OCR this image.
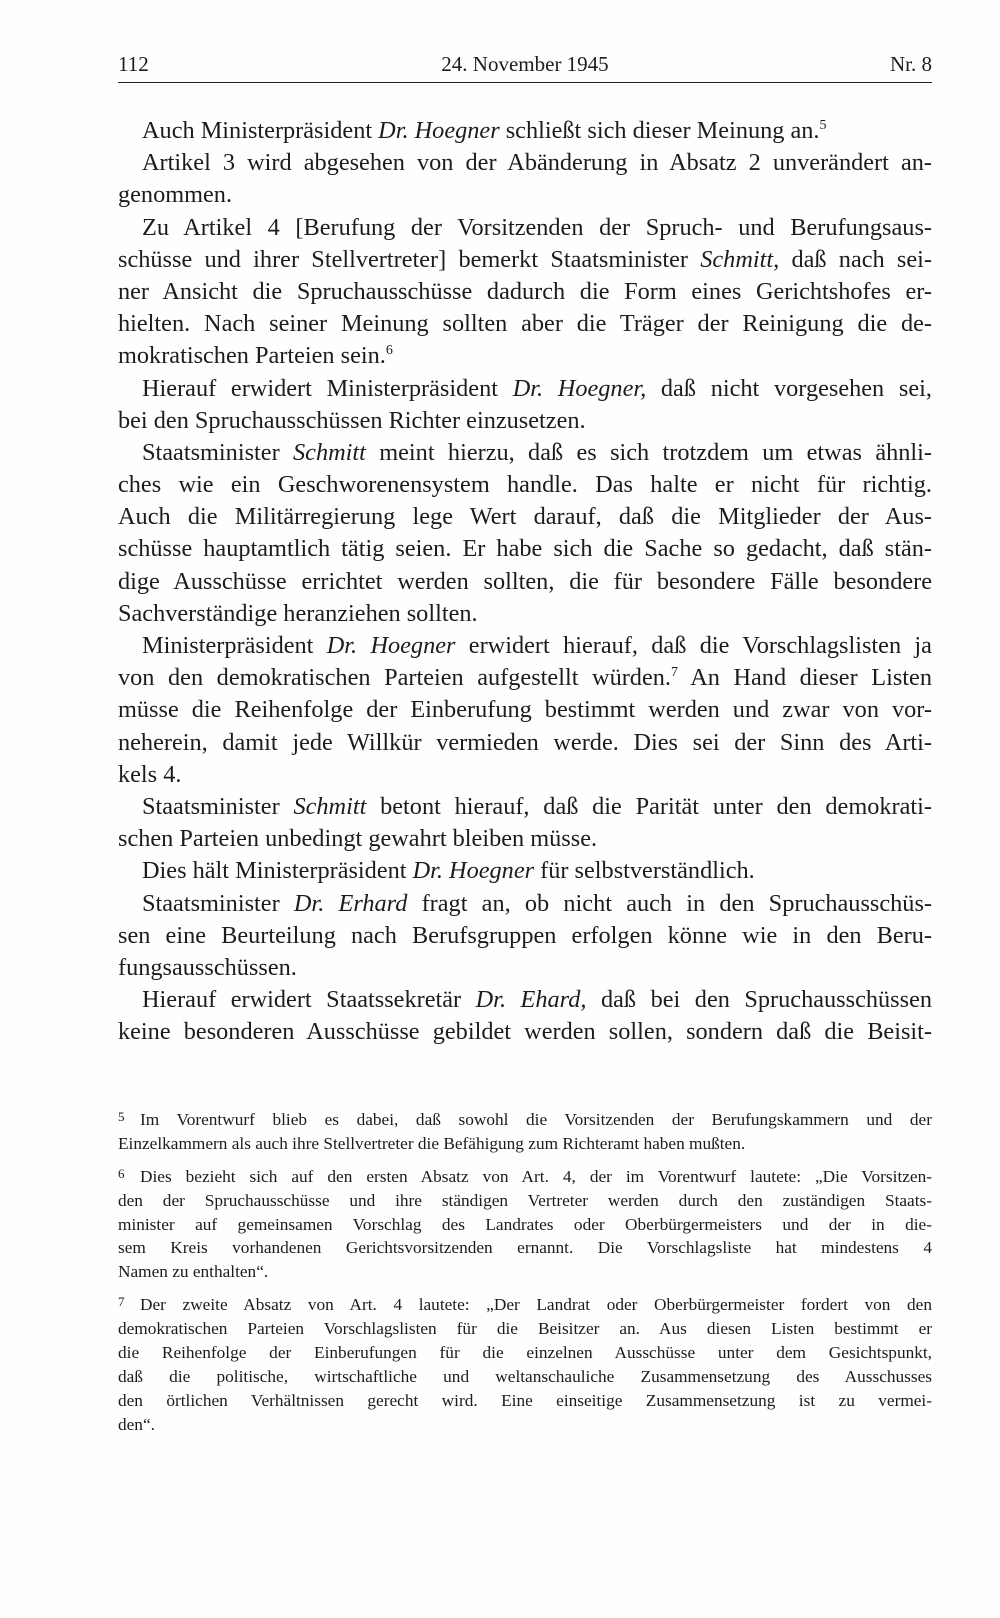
112	24. November 1945	Nr. 8
Auch Ministerpräsident Dr. Hoegner schließt sich dieser Meinung an.$^5$
Artikel 3 wird abgesehen von der Abänderung in Absatz 2 unverändert an-
genommen.
Zu Artikel 4 [Berufung der Vorsitzenden der Spruch- und Berufungsaus-
schüsse und ihrer Stellvertreter] bemerkt Staatsminister Schmitt, daß nach sei-
ner Ansicht die Spruchausschüsse dadurch die Form eines Gerichtshofes er-
hielten. Nach seiner Meinung sollten aber die Träger der Reinigung die de-
mokratischen Parteien sein.$^6$
Hierauf erwidert Ministerpräsident Dr. Hoegner, daß nicht vorgesehen sei,
bei den Spruchausschüssen Richter einzusetzen.
Staatsminister Schmitt meint hierzu, daß es sich trotzdem um etwas ähnli-
ches wie ein Geschworenensystem handle. Das halte er nicht für richtig.
Auch die Militärregierung lege Wert darauf, daß die Mitglieder der Aus-
schüsse hauptamtlich tätig seien. Er habe sich die Sache so gedacht, daß stän-
dige Ausschüsse errichtet werden sollten, die für besondere Fälle besondere
Sachverständige heranziehen sollten.
Ministerpräsident Dr. Hoegner erwidert hierauf, daß die Vorschlagslisten ja
von den demokratischen Parteien aufgestellt würden.$^7$ An Hand dieser Listen
müsse die Reihenfolge der Einberufung bestimmt werden und zwar von vor-
neherein, damit jede Willkür vermieden werde. Dies sei der Sinn des Arti-
kels 4.
Staatsminister Schmitt betont hierauf, daß die Parität unter den demokrati-
schen Parteien unbedingt gewahrt bleiben müsse.
Dies hält Ministerpräsident Dr. Hoegner für selbstverständlich.
Staatsminister Dr. Erhard fragt an, ob nicht auch in den Spruchausschüs-
sen eine Beurteilung nach Berufsgruppen erfolgen könne wie in den Beru-
fungsausschüssen.
Hierauf erwidert Staatssekretär Dr. Ehard, daß bei den Spruchausschüssen
keine besonderen Ausschüsse gebildet werden sollen, sondern daß die Beisit-
5 Im Vorentwurf blieb es dabei, daß sowohl die Vorsitzenden der Berufungskammern und der
Einzelkammern als auch ihre Stellvertreter die Befähigung zum Richteramt haben mußten.
6 Dies bezieht sich auf den ersten Absatz von Art. 4, der im Vorentwurf lautete: „Die Vorsitzen-
den der Spruchausschüsse und ihre ständigen Vertreter werden durch den zuständigen Staats-
minister auf gemeinsamen Vorschlag des Landrates oder Oberbürgermeisters und der in die-
sem Kreis vorhandenen Gerichtsvorsitzenden ernannt. Die Vorschlagsliste hat mindestens 4
Namen zu enthalten“.
7 Der zweite Absatz von Art. 4 lautete: „Der Landrat oder Oberbürgermeister fordert von den
demokratischen Parteien Vorschlagslisten für die Beisitzer an. Aus diesen Listen bestimmt er
die Reihenfolge der Einberufungen für die einzelnen Ausschüsse unter dem Gesichtspunkt,
daß die politische, wirtschaftliche und weltanschauliche Zusammensetzung des Ausschusses
den örtlichen Verhältnissen gerecht wird. Eine einseitige Zusammensetzung ist zu vermei-
den“.
